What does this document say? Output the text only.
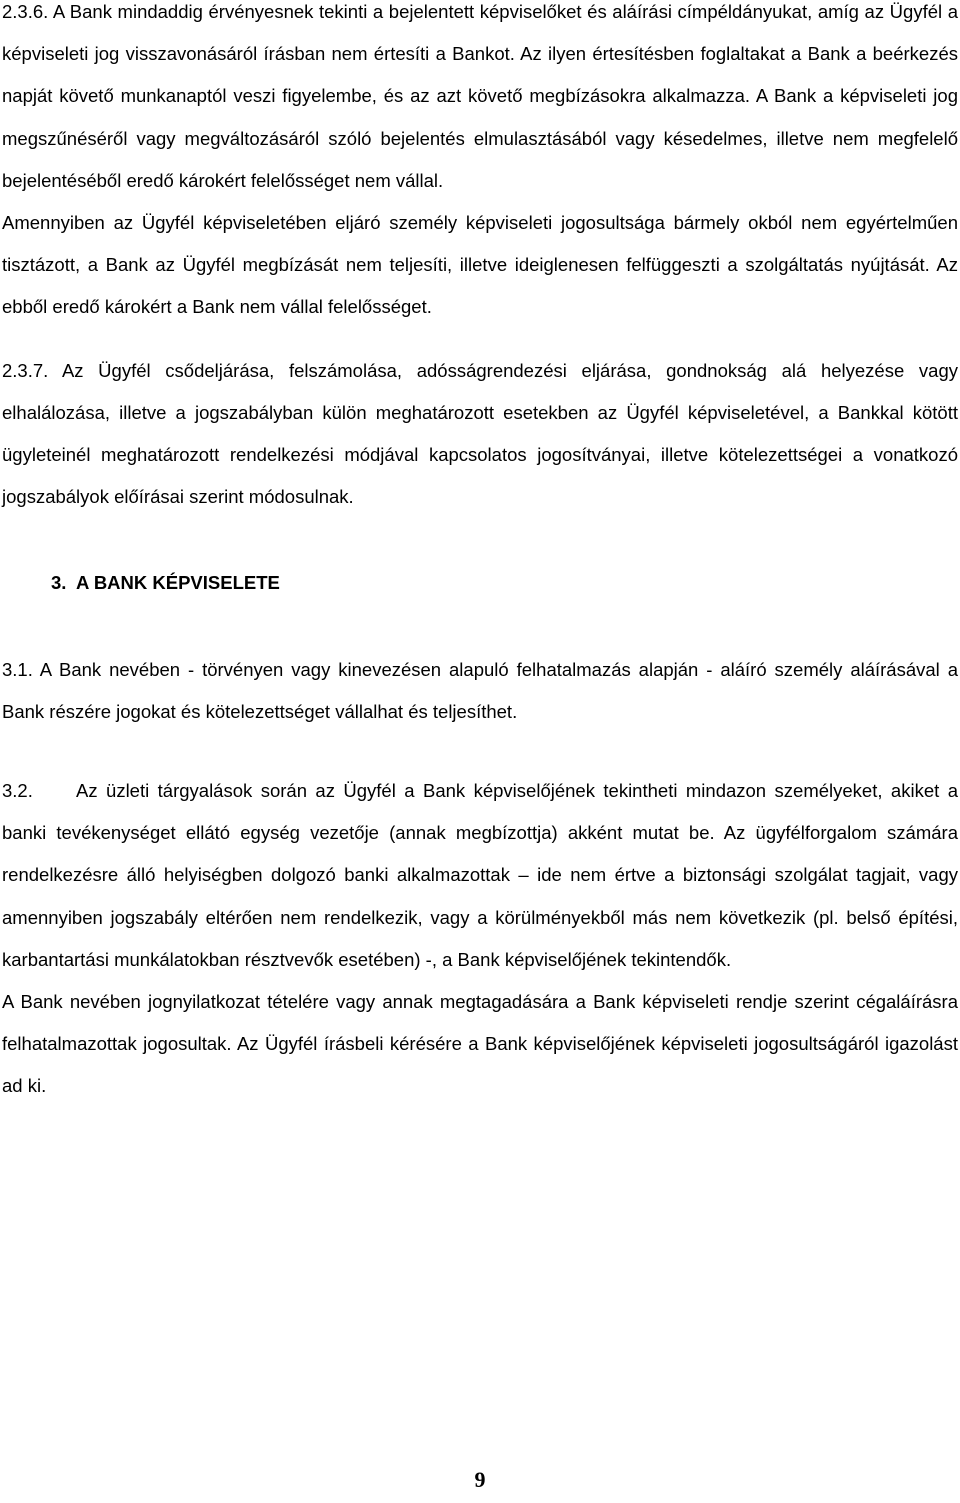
2.3.6. A Bank mindaddig érvényesnek tekinti a bejelentett képviselőket és aláírási címpéldányukat, amíg az Ügyfél a képviseleti jog visszavonásáról írásban nem értesíti a Bankot. Az ilyen értesítésben foglaltakat a Bank a beérkezés napját követő munkanaptól veszi figyelembe, és az azt követő megbízásokra alkalmazza. A Bank a képviseleti jog megszűnéséről vagy megváltozásáról szóló bejelentés elmulasztásából vagy késedelmes, illetve nem megfelelő bejelentéséből eredő károkért felelősséget nem vállal.

Amennyiben az Ügyfél képviseletében eljáró személy képviseleti jogosultsága bármely okból nem egyértelműen tisztázott, a Bank az Ügyfél megbízását nem teljesíti, illetve ideiglenesen felfüggeszti a szolgáltatás nyújtását. Az ebből eredő károkért a Bank nem vállal felelősséget.

2.3.7. Az Ügyfél csődeljárása, felszámolása, adósságrendezési eljárása, gondnokság alá helyezése vagy elhalálozása, illetve a jogszabályban külön meghatározott esetekben az Ügyfél képviseletével, a Bankkal kötött ügyleteinél meghatározott rendelkezési módjával kapcsolatos jogosítványai, illetve kötelezettségei a vonatkozó jogszabályok előírásai szerint módosulnak.

3. A BANK KÉPVISELETE

3.1. A Bank nevében - törvényen vagy kinevezésen alapuló felhatalmazás alapján - aláíró személy aláírásával a Bank részére jogokat és kötelezettséget vállalhat és teljesíthet.

3.2. Az üzleti tárgyalások során az Ügyfél a Bank képviselőjének tekintheti mindazon személyeket, akiket a banki tevékenységet ellátó egység vezetője (annak megbízottja) akként mutat be. Az ügyfélforgalom számára rendelkezésre álló helyiségben dolgozó banki alkalmazottak – ide nem értve a biztonsági szolgálat tagjait, vagy amennyiben jogszabály eltérően nem rendelkezik, vagy a körülményekből más nem következik (pl. belső építési, karbantartási munkálatokban résztvevők esetében) -, a Bank képviselőjének tekintendők.

A Bank nevében jognyilatkozat tételére vagy annak megtagadására a Bank képviseleti rendje szerint cégaláírásra felhatalmazottak jogosultak. Az Ügyfél írásbeli kérésére a Bank képviselőjének képviseleti jogosultságáról igazolást ad ki.

9
